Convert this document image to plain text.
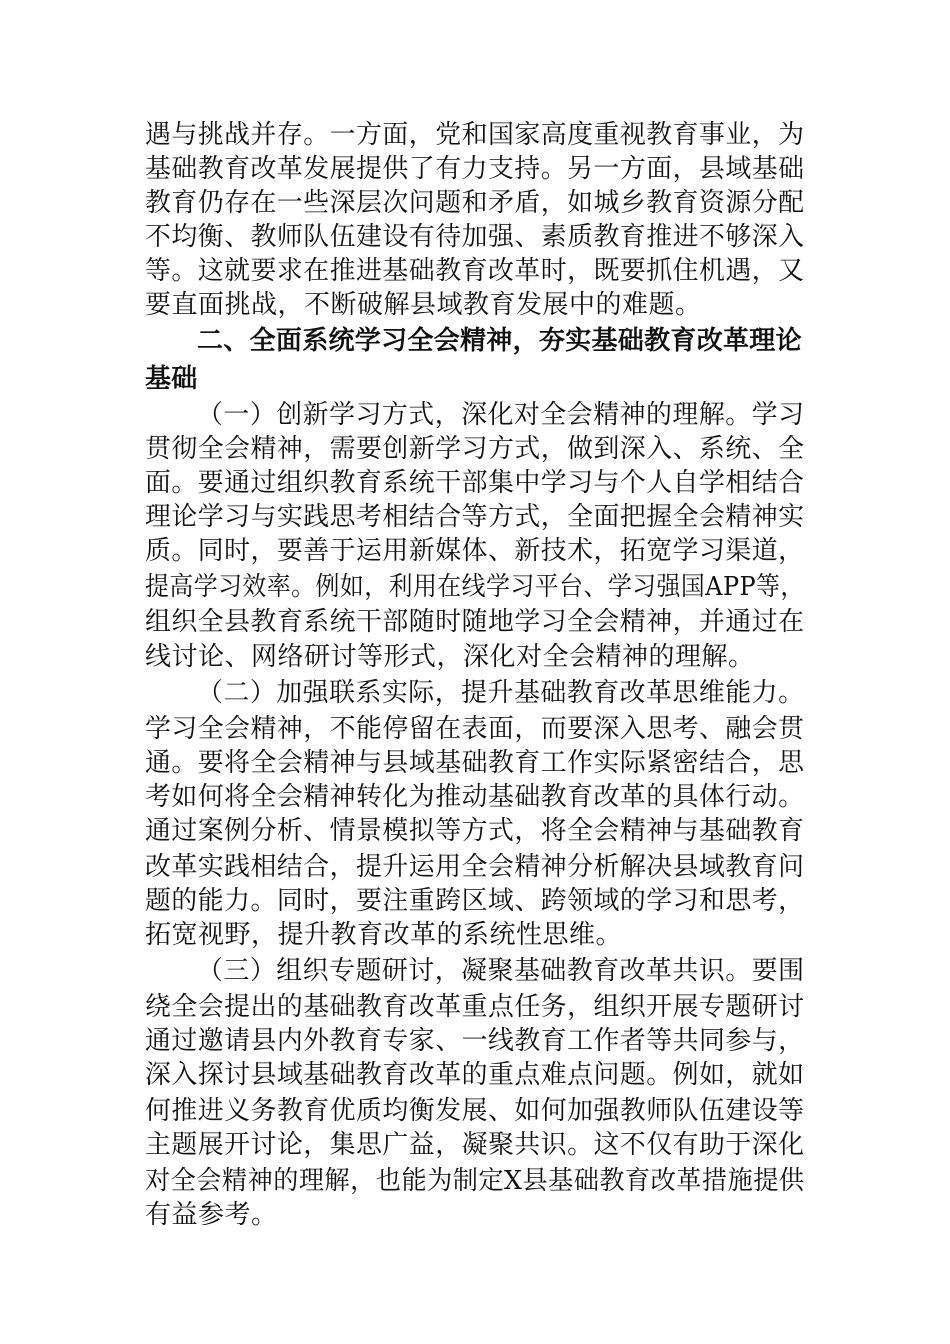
遇与挑战并存。一方面，党和国家高度重视教育事业，为
基础教育改革发展提供了有力支持。另一方面，县域基础
教育仍存在一些深层次问题和矛盾，如城乡教育资源分配
不均衡、教师队伍建设有待加强、素质教育推进不够深入
等。这就要求在推进基础教育改革时，既要抓住机遇，又
要直面挑战，不断破解县域教育发展中的难题。
二、全面系统学习全会精神，夯实基础教育改革理论
基础
（一）创新学习方式，深化对全会精神的理解。学习
贯彻全会精神，需要创新学习方式，做到深入、系统、全
面。要通过组织教育系统干部集中学习与个人自学相结合
理论学习与实践思考相结合等方式，全面把握全会精神实
质。同时，要善于运用新媒体、新技术，拓宽学习渠道，
提高学习效率。例如，利用在线学习平台、学习强国APP等，
组织全县教育系统干部随时随地学习全会精神，并通过在
线讨论、网络研讨等形式，深化对全会精神的理解。
（二）加强联系实际，提升基础教育改革思维能力。
学习全会精神，不能停留在表面，而要深入思考、融会贯
通。要将全会精神与县域基础教育工作实际紧密结合，思
考如何将全会精神转化为推动基础教育改革的具体行动。
通过案例分析、情景模拟等方式，将全会精神与基础教育
改革实践相结合，提升运用全会精神分析解决县域教育问
题的能力。同时，要注重跨区域、跨领域的学习和思考，
拓宽视野，提升教育改革的系统性思维。
（三）组织专题研讨，凝聚基础教育改革共识。要围
绕全会提出的基础教育改革重点任务，组织开展专题研讨
通过邀请县内外教育专家、一线教育工作者等共同参与，
深入探讨县域基础教育改革的重点难点问题。例如，就如
何推进义务教育优质均衡发展、如何加强教师队伍建设等
主题展开讨论，集思广益，凝聚共识。这不仅有助于深化
对全会精神的理解，也能为制定X县基础教育改革措施提供
有益参考。
